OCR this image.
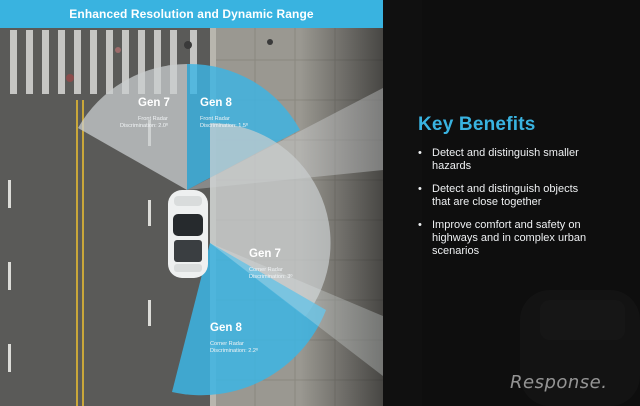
Enhanced Resolution and Dynamic Range
Gen 7
Front Radar
Discrimination: 2.0º
Gen 8
Front Radar
Discrimination: 1.5º
Gen 7
Corner Radar
Discrimination: 3º
Gen 8
Corner Radar
Discrimination: 2.2º
Key Benefits
• Detect and distinguish smaller hazards
• Detect and distinguish objects that are close together
• Improve comfort and safety on highways and in complex urban scenarios
Response.
